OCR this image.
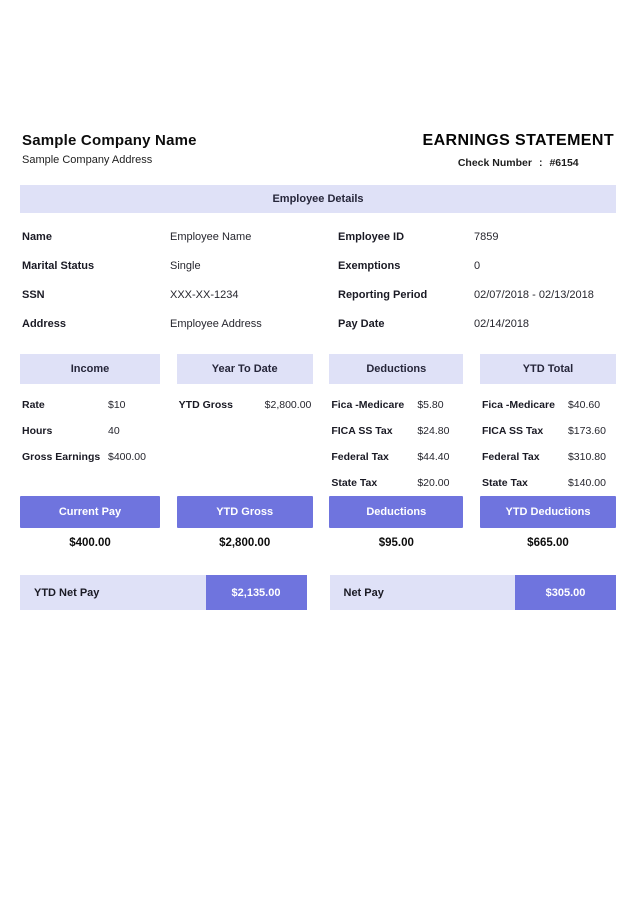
Sample Company Name
Sample Company Address
EARNINGS STATEMENT
Check Number : #6154
Employee Details
Name	Employee Name	Employee ID	7859
Marital Status	Single	Exemptions	0
SSN	XXX-XX-1234	Reporting Period	02/07/2018 - 02/13/2018
Address	Employee Address	Pay Date	02/14/2018
Income
Rate	$10
Hours	40
Gross Earnings $400.00
Year To Date
YTD Gross	$2,800.00
Deductions
Fica -Medicare	$5.80
FICA SS Tax	$24.80
Federal Tax	$44.40
State Tax	$20.00
YTD Total
Fica -Medicare	$40.60
FICA SS Tax	$173.60
Federal Tax	$310.80
State Tax	$140.00
Current Pay	YTD Gross	Deductions	YTD Deductions
$400.00	$2,800.00	$95.00	$665.00
YTD Net Pay	$2,135.00	Net Pay	$305.00
